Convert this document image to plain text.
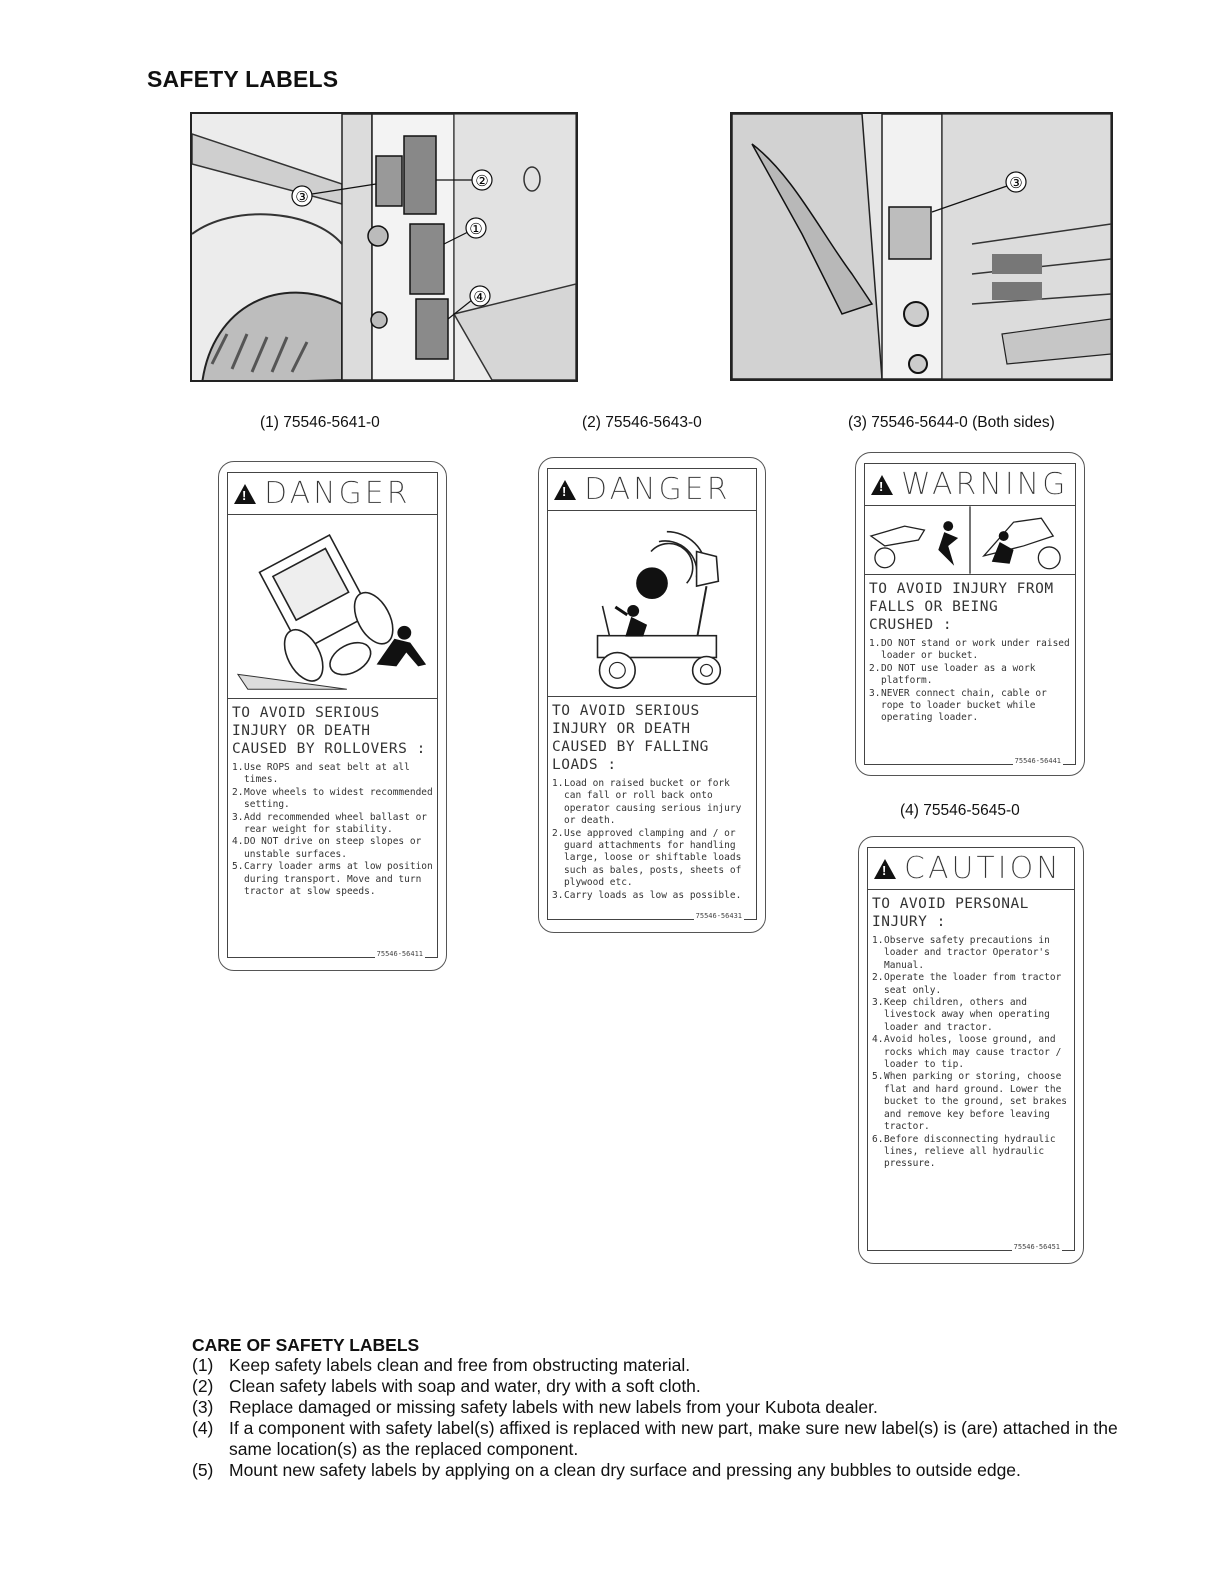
SAFETY LABELS
③
②
①
④
③
(1) 75546-5641-0	(2) 75546-5643-0	(3) 75546-5644-0 (Both sides)
(4) 75546-5645-0
!
DANGER
TO AVOID SERIOUS INJURY OR DEATH CAUSED BY ROLLOVERS :
1. Use ROPS and seat belt at all times.
2. Move wheels to widest recommended setting.
3. Add recommended wheel ballast or rear weight for stability.
4. DO NOT drive on steep slopes or unstable surfaces.
5. Carry loader arms at low position during transport. Move and turn tractor at slow speeds.
75546-56411
!
DANGER
TO AVOID SERIOUS INJURY OR DEATH CAUSED BY FALLING LOADS :
1. Load on raised bucket or fork can fall or roll back onto operator causing serious injury or death.
2. Use approved clamping and / or guard attachments for handling large, loose or shiftable loads such as bales, posts, sheets of plywood etc.
3. Carry loads as low as possible.
75546-56431
!
WARNING
TO AVOID INJURY FROM FALLS OR BEING CRUSHED :
1. DO NOT stand or work under raised loader or bucket.
2. DO NOT use loader as a work platform.
3. NEVER connect chain, cable or rope to loader bucket while operating loader.
75546-56441
!
CAUTION
TO AVOID PERSONAL INJURY :
1. Observe safety precautions in loader and tractor Operator's Manual.
2. Operate the loader from tractor seat only.
3. Keep children, others and livestock away when operating loader and tractor.
4. Avoid holes, loose ground, and rocks which may cause tractor / loader to tip.
5. When parking or storing, choose flat and hard ground. Lower the bucket to the ground, set brakes and remove key before leaving tractor.
6. Before disconnecting hydraulic lines, relieve all hydraulic pressure.
75546-56451
CARE OF SAFETY LABELS
(1) Keep safety labels clean and free from obstructing material.
(2) Clean safety labels with soap and water, dry with a soft cloth.
(3) Replace damaged or missing safety labels with new labels from your Kubota dealer.
(4) If a component with safety label(s) affixed is replaced with new part, make sure new label(s) is (are) attached in the same location(s) as the replaced component.
(5) Mount new safety labels by applying on a clean dry surface and pressing any bubbles to outside edge.
